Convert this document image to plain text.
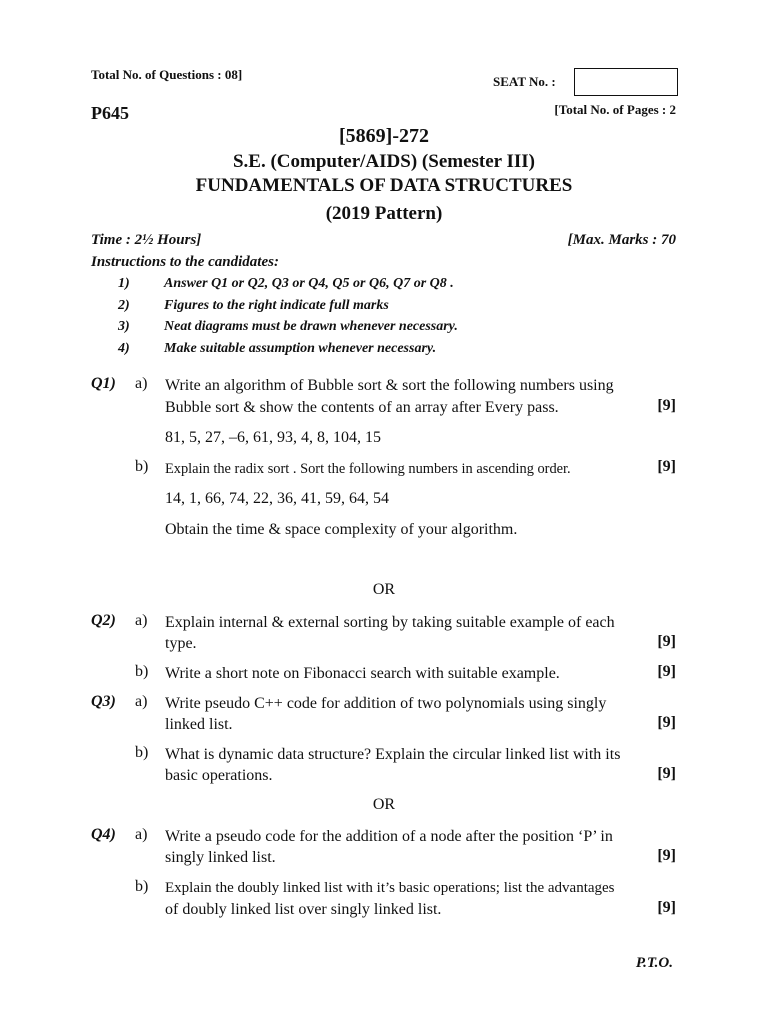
Total No. of Questions : 08]	SEAT No. :
P645	[Total No. of Pages : 2
[5869]-272
S.E. (Computer/AIDS) (Semester III)
FUNDAMENTALS OF DATA STRUCTURES
(2019 Pattern)
Time : 2½ Hours]	[Max. Marks : 70
Instructions to the candidates:
1) Answer Q1 or Q2, Q3 or Q4, Q5 or Q6, Q7 or Q8 .
2) Figures to the right indicate full marks
3) Neat diagrams must be drawn whenever necessary.
4) Make suitable assumption whenever necessary.
Q1) a) Write an algorithm of Bubble sort & sort the following numbers using
Bubble sort & show the contents of an array after Every pass.	[9]
81, 5, 27, –6, 61, 93, 4, 8, 104, 15
b) Explain the radix sort . Sort the following numbers in ascending order.	[9]
14, 1, 66, 74, 22, 36, 41, 59, 64, 54
Obtain the time & space complexity of your algorithm.
OR
Q2) a) Explain internal & external sorting by taking suitable example of each
type.	[9]
b) Write a short note on Fibonacci search with suitable example.	[9]
Q3) a) Write pseudo C++ code for addition of two polynomials using singly
linked list.	[9]
b) What is dynamic data structure? Explain the circular linked list with its
basic operations.	[9]
OR
Q4) a) Write a pseudo code for the addition of a node after the position ‘P’ in
singly linked list.	[9]
b) Explain the doubly linked list with it’s basic operations; list the advantages
of doubly linked list over singly linked list.	[9]
P.T.O.
